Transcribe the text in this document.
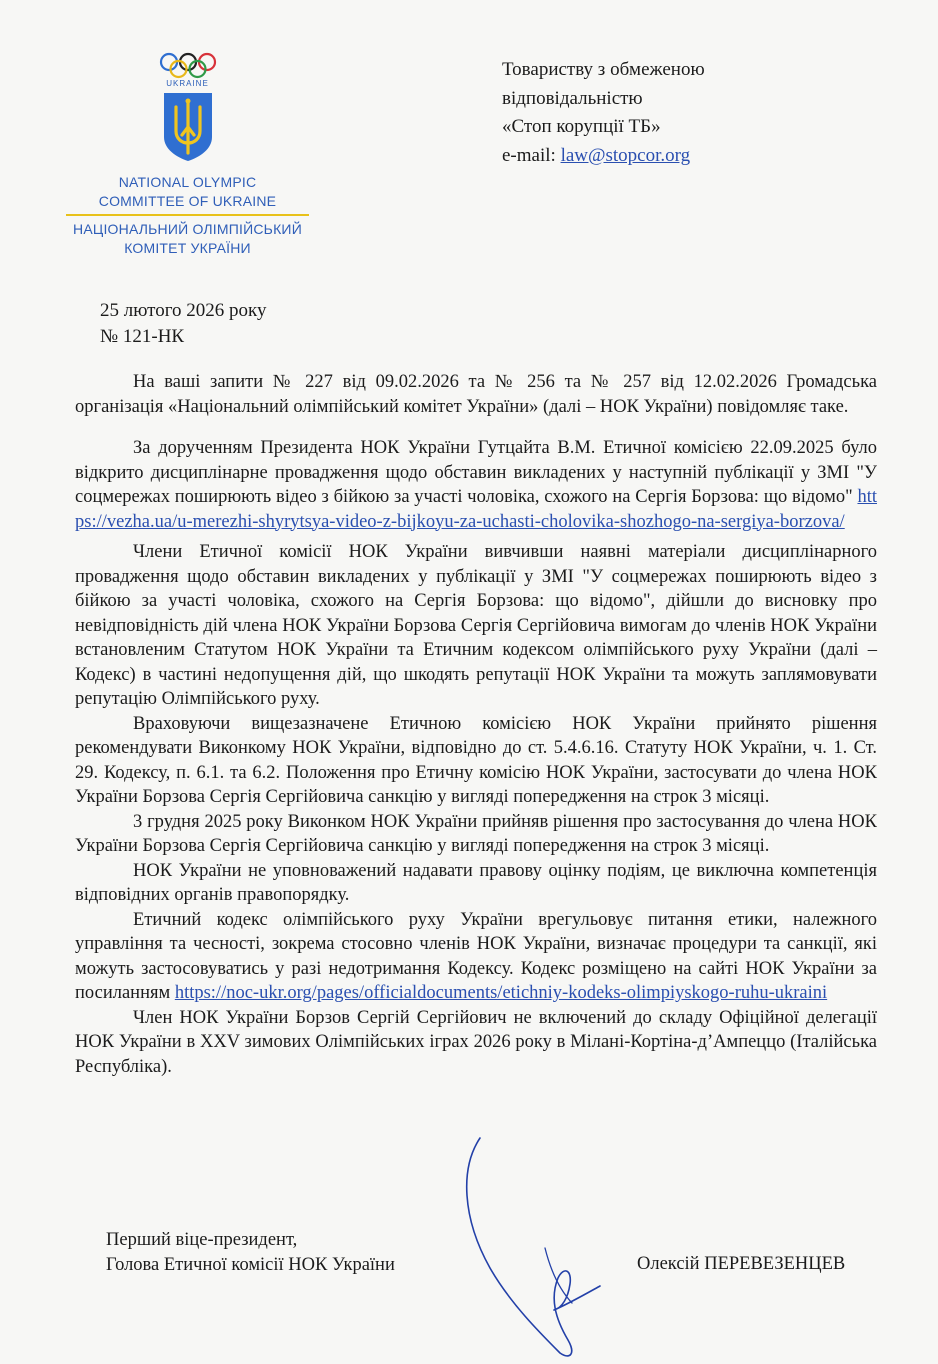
UKRAINE
NATIONAL OLYMPIC
COMMITTEE OF UKRAINE
НАЦІОНАЛЬНИЙ ОЛІМПІЙСЬКИЙ
КОМІТЕТ УКРАЇНИ
Товариству з обмеженою
відповідальністю
«Стоп корупції ТБ»
e-mail: law@stopcor.org
25 лютого 2026 року
№ 121-НК

На ваші запити № 227 від 09.02.2026 та № 256 та № 257 від 12.02.2026 Громадська організація «Національний олімпійський комітет України» (далі – НОК України) повідомляє таке.

За дорученням Президента НОК України Гутцайта В.М. Етичної комісією 22.09.2025 було відкрито дисциплінарне провадження щодо обставин викладених у наступній публікації у ЗМІ "У соцмережах поширюють відео з бійкою за участі чоловіка, схожого на Сергія Борзова: що відомо" https://vezha.ua/u-merezhi-shyrytsya-video-z-bijkoyu-za-uchasti-cholovika-shozhogo-na-sergiya-borzova/

Члени Етичної комісії НОК України вивчивши наявні матеріали дисциплінарного провадження щодо обставин викладених у публікації у ЗМІ "У соцмережах поширюють відео з бійкою за участі чоловіка, схожого на Сергія Борзова: що відомо", дійшли до висновку про невідповідність дій члена НОК України Борзова Сергія Сергійовича вимогам до членів НОК України встановленим Статутом НОК України та Етичним кодексом олімпійського руху України (далі – Кодекс) в частині недопущення дій, що шкодять репутації НОК України та можуть заплямовувати репутацію Олімпійського руху.

Враховуючи вищезазначене Етичною комісією НОК України прийнято рішення рекомендувати Виконкому НОК України, відповідно до ст. 5.4.6.16. Статуту НОК України, ч. 1. Ст. 29. Кодексу, п. 6.1. та 6.2. Положення про Етичну комісію НОК України, застосувати до члена НОК України Борзова Сергія Сергійовича санкцію у вигляді попередження на строк 3 місяці.

3 грудня 2025 року Виконком НОК України прийняв рішення про застосування до члена НОК України Борзова Сергія Сергійовича санкцію у вигляді попередження на строк 3 місяці.

НОК України не уповноважений надавати правову оцінку подіям, це виключна компетенція відповідних органів правопорядку.

Етичний кодекс олімпійського руху України врегульовує питання етики, належного управління та чесності, зокрема стосовно членів НОК України, визначає процедури та санкції, які можуть застосовуватись у разі недотримання Кодексу. Кодекс розміщено на сайті НОК України за посиланням https://noc-ukr.org/pages/officialdocuments/etichniy-kodeks-olimpiyskogo-ruhu-ukraini

Член НОК України Борзов Сергій Сергійович не включений до складу Офіційної делегації НОК України в XXV зимових Олімпійських іграх 2026 року в Мілані-Кортіна-д’Ампеццо (Італійська Республіка).

Перший віце-президент,
Голова Етичної комісії НОК України	Олексій ПЕРЕВЕЗЕНЦЕВ
